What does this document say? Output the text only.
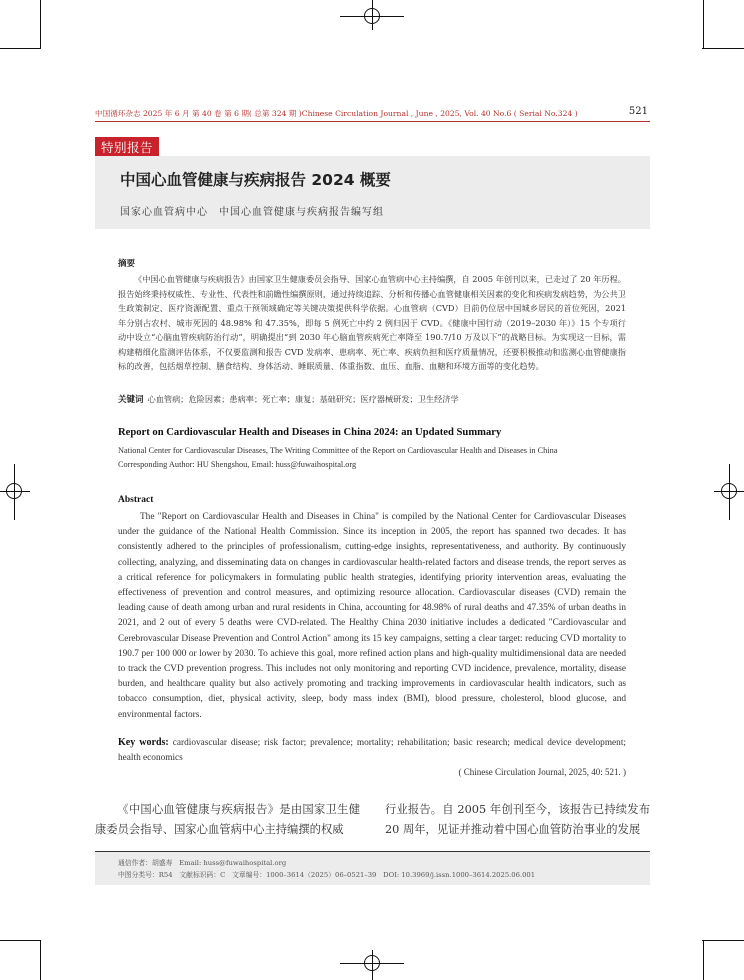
中国循环杂志 2025 年 6 月 第 40 卷 第 6 期( 总第 324 期 )Chinese Circulation Journal , June , 2025, Vol. 40 No.6 ( Serial No.324 )	521
特别报告
中国心血管健康与疾病报告 2024 概要
国家心血管病中心　中国心血管健康与疾病报告编写组
摘要
《中国心血管健康与疾病报告》由国家卫生健康委员会指导、国家心血管病中心主持编撰，自 2005 年创刊以来，已走过了 20 年历程。报告始终秉持权威性、专业性、代表性和前瞻性编撰原则，通过持续追踪、分析和传播心血管健康相关因素的变化和疾病发病趋势，为公共卫生政策制定、医疗资源配置、重点干预领域确定等关键决策提供科学依据。心血管病（CVD）目前仍位居中国城乡居民的首位死因，2021 年分别占农村、城市死因的 48.98% 和 47.35%，即每 5 例死亡中约 2 例归因于 CVD。《健康中国行动（2019–2030 年）》15 个专项行动中设立“心脑血管疾病防治行动”，明确提出“到 2030 年心脑血管疾病死亡率降至 190.7/10 万及以下”的战略目标。为实现这一目标，需构建精细化监测评估体系，不仅要监测和报告 CVD 发病率、患病率、死亡率、疾病负担和医疗质量情况，还要积极推动和监测心血管健康指标的改善，包括烟草控制、膳食结构、身体活动、睡眠质量、体重指数、血压、血脂、血糖和环境方面等的变化趋势。
关键词 心血管病；危险因素；患病率；死亡率；康复；基础研究；医疗器械研发；卫生经济学
Report on Cardiovascular Health and Diseases in China 2024: an Updated Summary
National Center for Cardiovascular Diseases, The Writing Committee of the Report on Cardiovascular Health and Diseases in China
Corresponding Author: HU Shengshou, Email: huss@fuwaihospital.org
Abstract
The "Report on Cardiovascular Health and Diseases in China" is compiled by the National Center for Cardiovascular Diseases under the guidance of the National Health Commission. Since its inception in 2005, the report has spanned two decades. It has consistently adhered to the principles of professionalism, cutting-edge insights, representativeness, and authority. By continuously collecting, analyzing, and disseminating data on changes in cardiovascular health-related factors and disease trends, the report serves as a critical reference for policymakers in formulating public health strategies, identifying priority intervention areas, evaluating the effectiveness of prevention and control measures, and optimizing resource allocation. Cardiovascular diseases (CVD) remain the leading cause of death among urban and rural residents in China, accounting for 48.98% of rural deaths and 47.35% of urban deaths in 2021, and 2 out of every 5 deaths were CVD-related. The Healthy China 2030 initiative includes a dedicated "Cardiovascular and Cerebrovascular Disease Prevention and Control Action" among its 15 key campaigns, setting a clear target: reducing CVD mortality to 190.7 per 100 000 or lower by 2030. To achieve this goal, more refined action plans and high-quality multidimensional data are needed to track the CVD prevention progress. This includes not only monitoring and reporting CVD incidence, prevalence, mortality, disease burden, and healthcare quality but also actively promoting and tracking improvements in cardiovascular health indicators, such as tobacco consumption, diet, physical activity, sleep, body mass index (BMI), blood pressure, cholesterol, blood glucose, and environmental factors.
Key words: cardiovascular disease; risk factor; prevalence; mortality; rehabilitation; basic research; medical device development; health economics
( Chinese Circulation Journal, 2025, 40: 521. )
《中国心血管健康与疾病报告》是由国家卫生健康委员会指导、国家心血管病中心主持编撰的权威
行业报告。自 2005 年创刊至今，该报告已持续发布 20 周年，见证并推动着中国心血管防治事业的发展
通信作者：胡盛寿　Email: huss@fuwaihospital.org
中图分类号：R54　文献标识码：C　文章编号：1000–3614（2025）06–0521–39　DOI: 10.3969/j.issn.1000–3614.2025.06.001
